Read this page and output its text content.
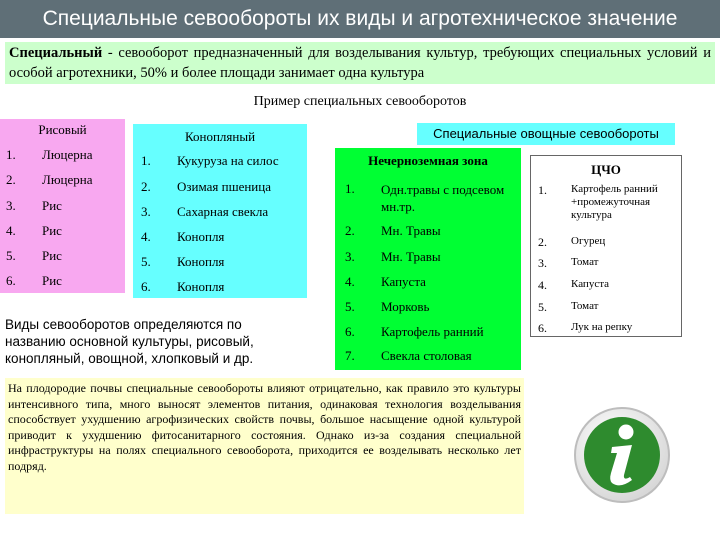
Специальные севообороты их виды и агротехническое значение
Специальный - севооборот предназначенный для возделывания культур, требующих специальных условий и особой агротехники, 50% и более площади занимает одна культура
Пример специальных севооборотов
Рисовый
1. Люцерна
2. Люцерна
3. Рис
4. Рис
5. Рис
6. Рис
Конопляный
1. Кукуруза на силос
2. Озимая пшеница
3. Сахарная свекла
4. Конопля
5. Конопля
6. Конопля
Специальные овощные севообороты
Нечерноземная зона
1. Одн.травы с подсевом мн.тр.
2. Мн. Травы
3. Мн. Травы
4. Капуста
5. Морковь
6. Картофель ранний
7. Свекла столовая
ЦЧО
1. Картофель ранний +промежуточная культура
2. Огурец
3. Томат
4. Капуста
5. Томат
6. Лук на репку
Виды севооборотов определяются по названию основной культуры, рисовый, конопляный, овощной, хлопковый и др.
На плодородие почвы специальные севообороты влияют отрицательно, как правило это культуры интенсивного типа, много выносят элементов питания, одинаковая технология возделывания способствует ухудшению агрофизических свойств почвы, большое насыщение одной культурой приводит к ухудшению фитосанитарного состояния. Однако из-за создания специальной инфраструктуры на полях специального севооборота, приходится ее возделывать несколько лет подряд.
